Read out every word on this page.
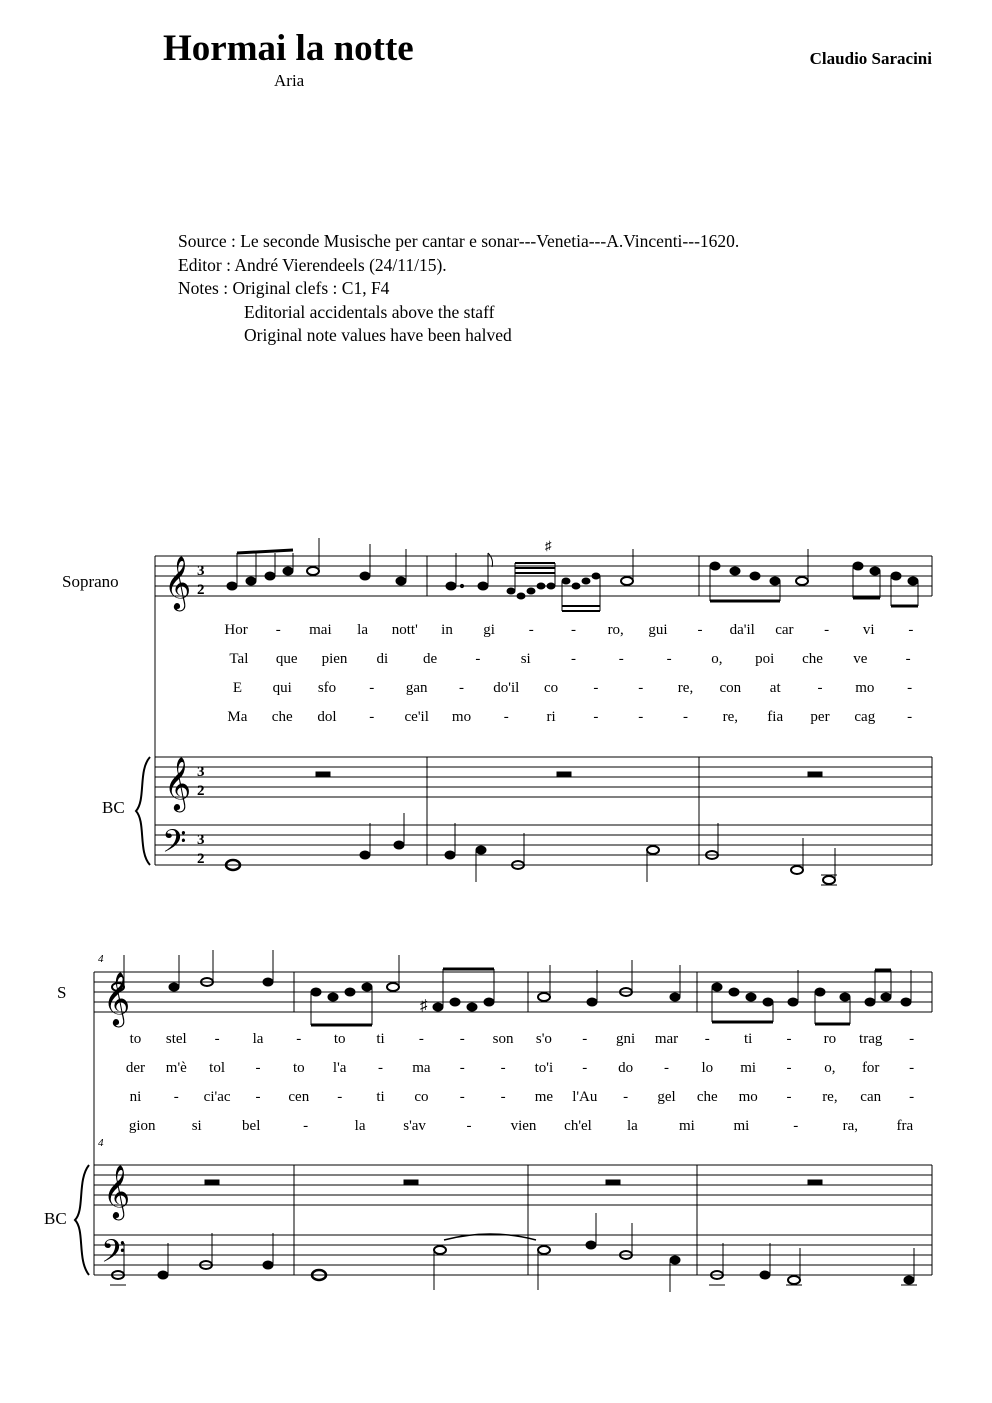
Hormai la notte
Aria
Claudio Saracini
Source : Le seconde Musische per cantar e sonar---Venetia---A.Vincenti---1620.
Editor : André Vierendeels (24/11/15).
Notes : Original clefs : C1, F4
Editorial accidentals above the staff
Original note values have been halved
𝄞
𝄞
𝄢
3
2
3
2
3
2
♯
𝄞
𝄞
𝄢
♯
Soprano
BC
S
BC
4
4
Hor - mai la nott' in gi - - ro, gui - da'il car - vi -
Tal que pien di de	-	si	-	-	-	o, poi che ve	-
E qui sfo - gan - do'il co -	- re, con at - mo -
Ma che dol - ce'il mo -	ri	-	-	- re, fia per cag -
to stel - la - to ti - - son s'o - gni mar - ti - ro trag -
der m'è tol - to l'a - ma - - to'i - do - lo mi - o, for -
ni - ci'ac - cen - ti co - - me l'Au - gel che mo - re, can -
gion si	bel	-	la	s'av	-	vien ch'el la	mi	mi	-	ra,	fra
